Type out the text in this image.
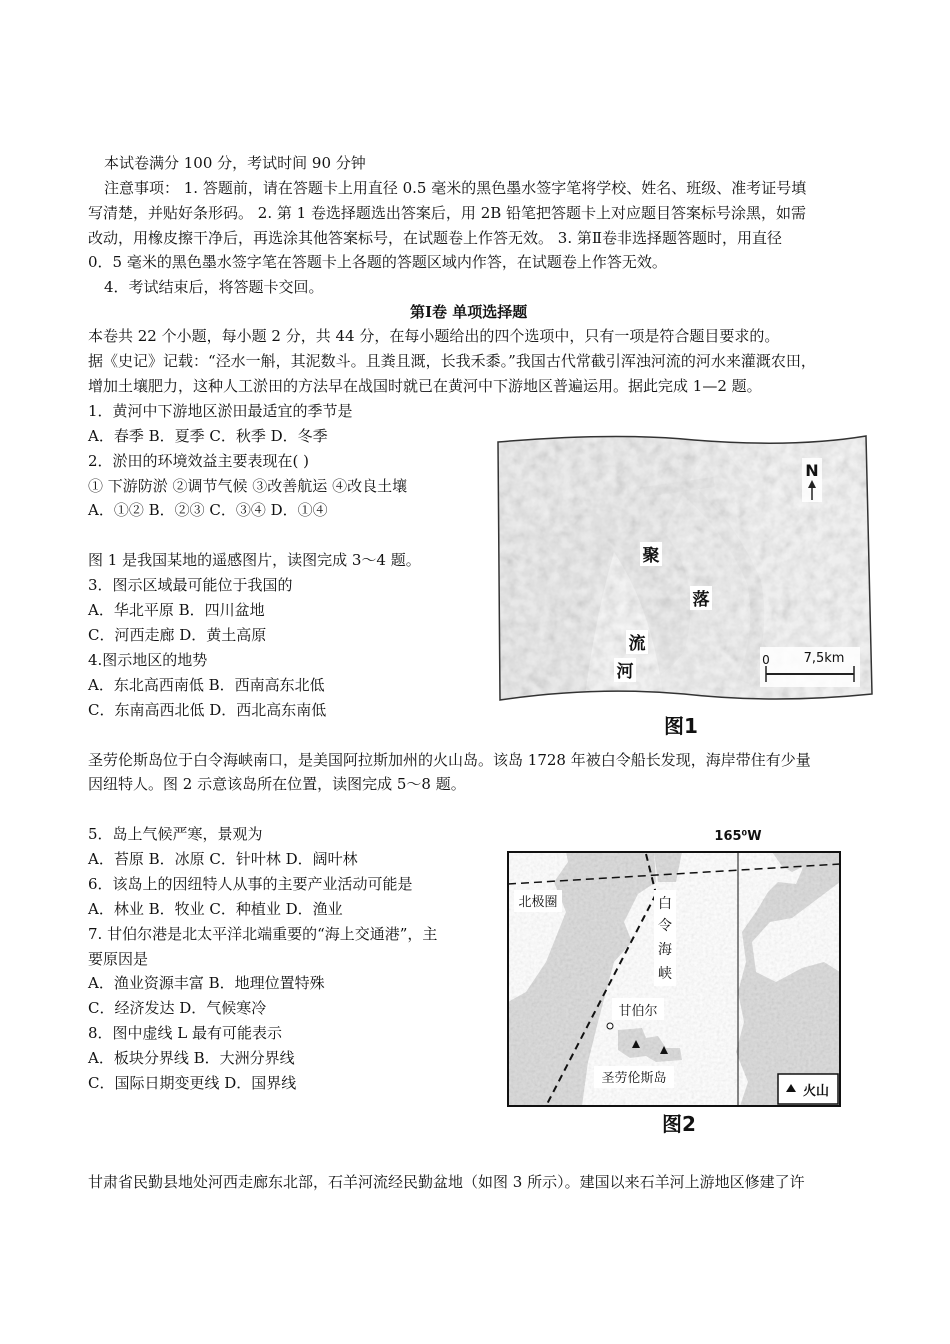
本试卷满分 100 分，考试时间 90 分钟
注意事项： 1. 答题前，请在答题卡上用直径 0.5 毫米的黑色墨水签字笔将学校、姓名、班级、准考证号填
写清楚，并贴好条形码。 2. 第 1 卷选择题选出答案后，用 2B 铅笔把答题卡上对应题目答案标号涂黑，如需
改动，用橡皮擦干净后，再选涂其他答案标号，在试题卷上作答无效。 3. 第Ⅱ卷非选择题答题时，用直径
0．5 毫米的黑色墨水签字笔在答题卡上各题的答题区域内作答，在试题卷上作答无效。
4．考试结束后，将答题卡交回。
第Ⅰ卷 单项选择题
本卷共 22 个小题，每小题 2 分，共 44 分，在每小题给出的四个选项中，只有一项是符合题目要求的。
据《史记》记载：“泾水一斛，其泥数斗。且粪且溉，长我禾黍。”我国古代常截引浑浊河流的河水来灌溉农田，
增加土壤肥力，这种人工淤田的方法早在战国时就已在黄河中下游地区普遍运用。据此完成 1—2 题。
1．黄河中下游地区淤田最适宜的季节是
A．春季 B．夏季 C．秋季 D．冬季
2．淤田的环境效益主要表现在( )
① 下游防淤 ②调节气候 ③改善航运 ④改良土壤
A．①② B．②③ C．③④ D．①④
图 1 是我国某地的遥感图片，读图完成 3～4 题。
3．图示区域最可能位于我国的
A．华北平原 B．四川盆地
C．河西走廊 D．黄土高原
4.图示地区的地势
A．东北高西南低 B．西南高东北低
C．东南高西北低 D．西北高东南低
N
聚
落
流
河
0	7,5km
图1
圣劳伦斯岛位于白令海峡南口，是美国阿拉斯加州的火山岛。该岛 1728 年被白令船长发现，海岸带住有少量
因纽特人。图 2 示意该岛所在位置，读图完成 5～8 题。
5．岛上气候严寒，景观为
A．苔原 B．冰原 C．针叶林 D．阔叶林
6．该岛上的因纽特人从事的主要产业活动可能是
A．林业 B．牧业 C．种植业 D．渔业
7. 甘伯尔港是北太平洋北端重要的“海上交通港”，主
要原因是
A．渔业资源丰富 B．地理位置特殊
C．经济发达 D．气候寒冷
8．图中虚线 L 最有可能表示
A．板块分界线 B．大洲分界线
C．国际日期变更线 D．国界线
165⁰W
北极圈	白
令
海
峡
甘伯尔
圣劳伦斯岛
火山
图2
甘肃省民勤县地处河西走廊东北部，石羊河流经民勤盆地（如图 3 所示）。建国以来石羊河上游地区修建了许
